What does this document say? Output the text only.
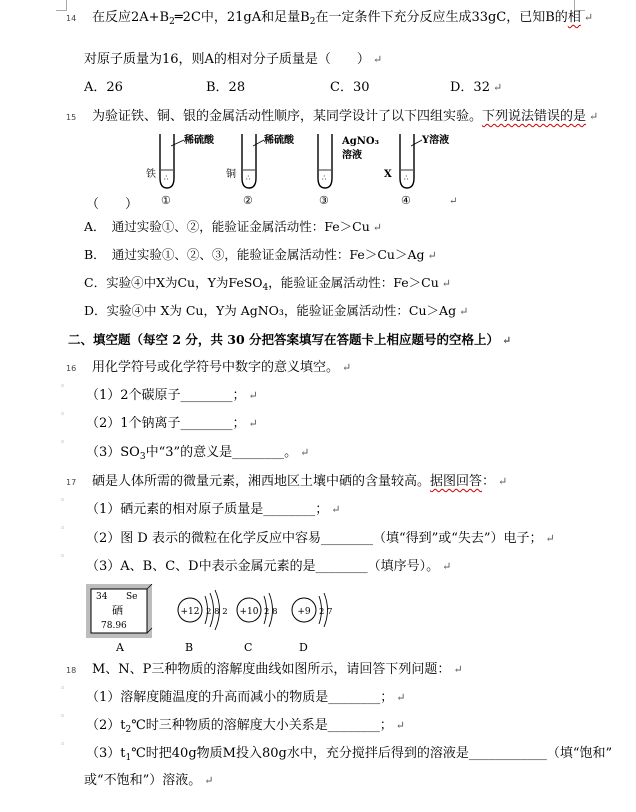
14 在反应$2A+B_2═2C$中，21gA和足量$B_2$在一定条件下充分反应生成33gC，已知B的相 ↵
对原子质量为16，则A的相对分子质量是（　　） ↵
A．26	B．28	C．30	D．32 ↵
15 为验证铁、铜、银的金属活动性顺序，某同学设计了以下四组实验。下列说法错误的是 ↵
∴
铁
稀硫酸
①
∴
铜
稀硫酸
②
∴
AgNO₃
溶液
③
∴
X
Y溶液
④	↵
（　　）
A．　通过实验①、②，能验证金属活动性：Fe＞Cu ↵
B．　通过实验①、②、③，能验证金属活动性：Fe＞Cu＞Ag ↵
C．实验④中X为Cu，Y为FeSO$_4$，能验证金属活动性：Fe＞Cu ↵
D．实验④中 X为 Cu，Y为 AgNO₃，能验证金属活动性：Cu＞Ag ↵
二、填空题（每空 2 分，共 30 分把答案填写在答题卡上相应题号的空格上） ↵
16 用化学符号或化学符号中数字的意义填空。 ↵
◦
（1）2个碳原子________； ↵
◦
（2）1个钠离子________； ↵
◦
$(3)SO_3$中“3”的意义是________。 ↵
17 硒是人体所需的微量元素，湘西地区土壤中硒的含量较高。据图回答： ↵
◦
（1）硒元素的相对原子质量是________； ↵
◦
（2）图 D 表示的微粒在化学反应中容易________（填“得到”或“失去”）电子； ↵
◦
（3）A、B、C、D中表示金属元素的是________（填序号）。 ↵
34 Se
硒
78.96
+12 2 8 2 +10 2 8 +9 2 7
A	B	C	D
18 M、N、P三种物质的溶解度曲线如图所示，请回答下列问题： ↵
◦
（1）溶解度随温度的升高而减小的物质是________； ↵
◦
$(2)t_2℃$时三种物质的溶解度大小关系是________； ↵
◦
$(3)t_1℃$时把40g物质M投入80g水中，充分搅拌后得到的溶液是____________（填“饱和”
或“不饱和”）溶液。 ↵
